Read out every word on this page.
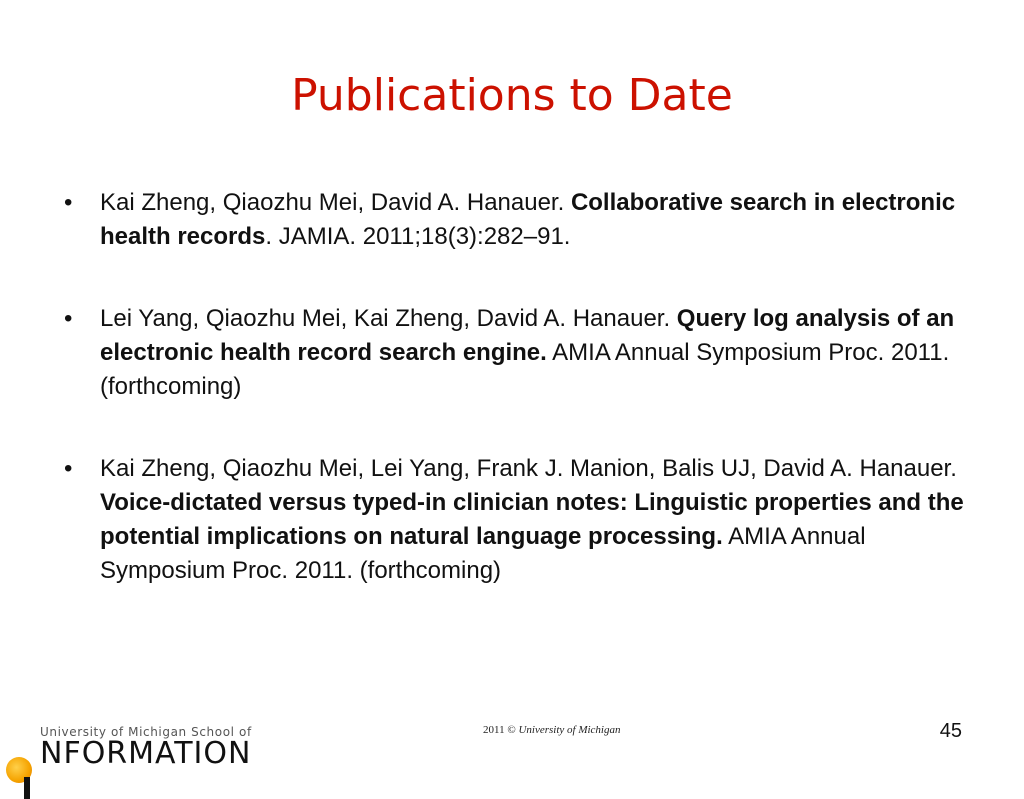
Publications to Date
• Kai Zheng, Qiaozhu Mei, David A. Hanauer. Collaborative search in electronic health records. JAMIA. 2011;18(3):282–91.
• Lei Yang, Qiaozhu Mei, Kai Zheng, David A. Hanauer. Query log analysis of an electronic health record search engine. AMIA Annual Symposium Proc. 2011. (forthcoming)
• Kai Zheng, Qiaozhu Mei, Lei Yang, Frank J. Manion, Balis UJ, David A. Hanauer. Voice-dictated versus typed-in clinician notes: Linguistic properties and the potential implications on natural language processing. AMIA Annual Symposium Proc. 2011. (forthcoming)
University of Michigan School of
NFORMATION
2011 © University of Michigan	45
